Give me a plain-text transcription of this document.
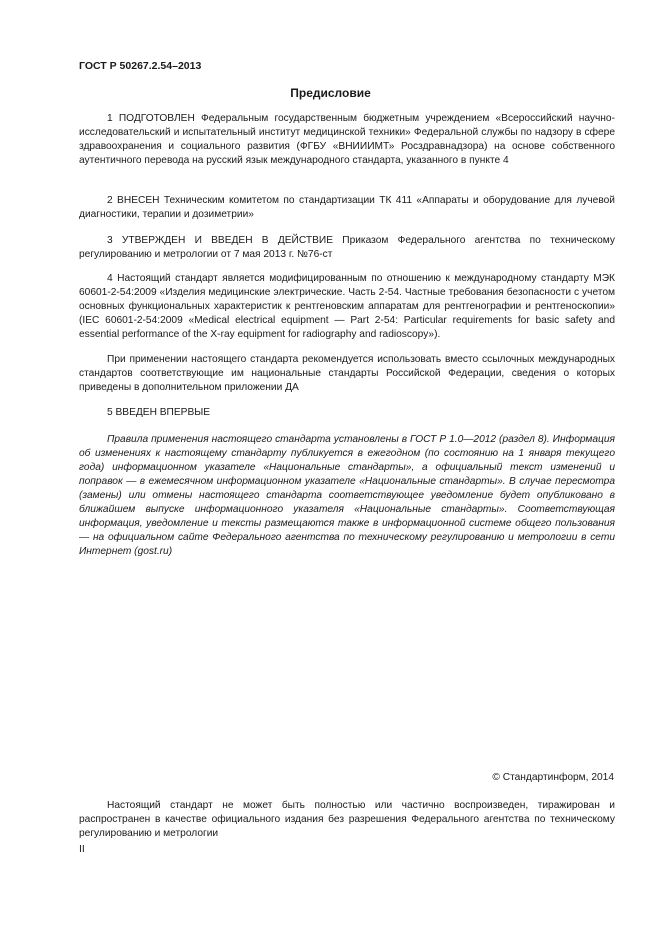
ГОСТ Р 50267.2.54–2013
Предисловие

1 ПОДГОТОВЛЕН Федеральным государственным бюджетным учреждением «Всероссийский научно-исследовательский и испытательный институт медицинской техники» Федеральной службы по надзору в сфере здравоохранения и социального развития (ФГБУ «ВНИИИМТ» Росздравнадзора) на основе собственного аутентичного перевода на русский язык международного стандарта, указанного в пункте 4

2 ВНЕСЕН Техническим комитетом по стандартизации ТК 411 «Аппараты и оборудование для лучевой диагностики, терапии и дозиметрии»

3 УТВЕРЖДЕН И ВВЕДЕН В ДЕЙСТВИЕ Приказом Федерального агентства по техническому регулированию и метрологии от 7 мая 2013 г. №76-ст

4 Настоящий стандарт является модифицированным по отношению к международному стандарту МЭК 60601-2-54:2009 «Изделия медицинские электрические. Часть 2-54. Частные требования безопасности с учетом основных функциональных характеристик к рентгеновским аппаратам для рентгенографии и рентгеноскопии» (IEC 60601-2-54:2009 «Medical electrical equipment — Part 2-54: Particular requirements for basic safety and essential performance of the X-ray equipment for radiography and radioscopy»).

При применении настоящего стандарта рекомендуется использовать вместо ссылочных международных стандартов соответствующие им национальные стандарты Российской Федерации, сведения о которых приведены в дополнительном приложении ДА

5 ВВЕДЕН ВПЕРВЫЕ

Правила применения настоящего стандарта установлены в ГОСТ Р 1.0—2012 (раздел 8). Информация об изменениях к настоящему стандарту публикуется в ежегодном (по состоянию на 1 января текущего года) информационном указателе «Национальные стандарты», а официальный текст изменений и поправок — в ежемесячном информационном указателе «Национальные стандарты». В случае пересмотра (замены) или отмены настоящего стандарта соответствующее уведомление будет опубликовано в ближайшем выпуске информационного указателя «Национальные стандарты». Соответствующая информация, уведомление и тексты размещаются также в информационной системе общего пользования — на официальном сайте Федерального агентства по техническому регулированию и метрологии в сети Интернет (gost.ru)

© Стандартинформ, 2014

Настоящий стандарт не может быть полностью или частично воспроизведен, тиражирован и распространен в качестве официального издания без разрешения Федерального агентства по техническому регулированию и метрологии

II
